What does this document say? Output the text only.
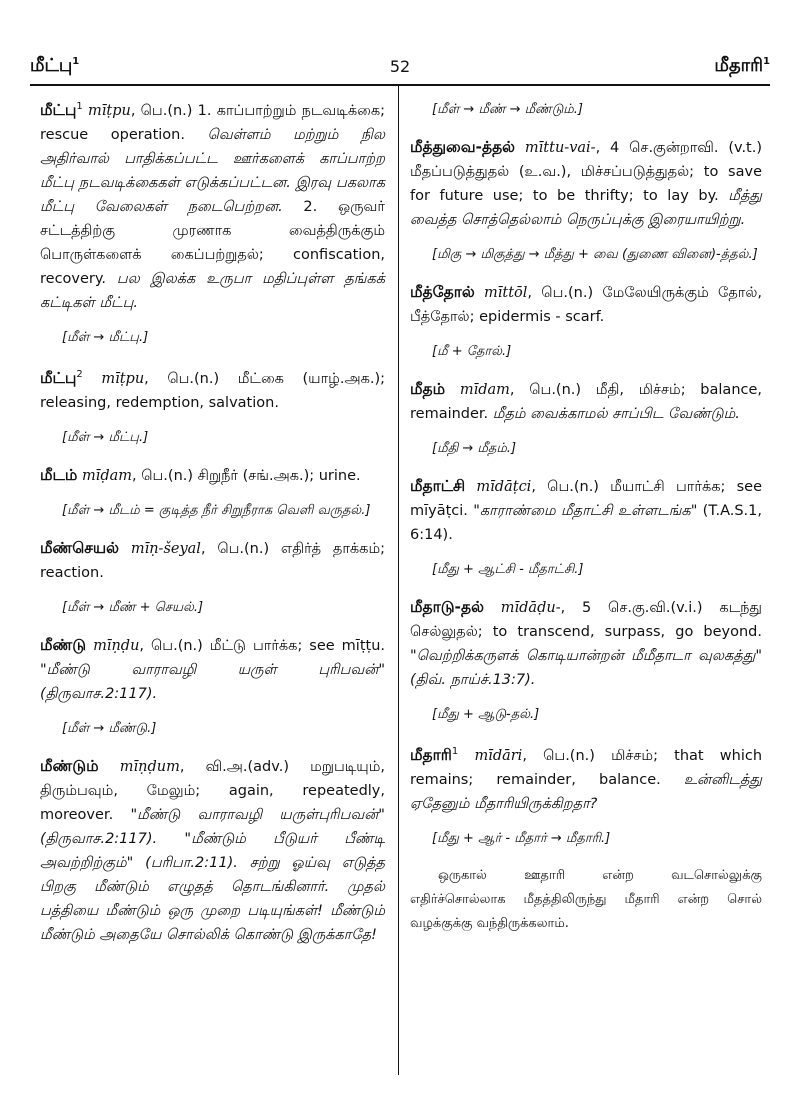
மீட்பு$^1$	52	மீதாரி$^1$
மீட்பு$^1$ mīṭpu, பெ.(n.) 1. காப்பாற்றும் நடவடிக்கை; rescue operation. வெள்ளம் மற்றும் நில அதிர்வால் பாதிக்கப்பட்ட ஊர்களைக் காப்பாற்ற மீட்பு நடவடிக்கைகள் எடுக்கப்பட்டன. இரவு பகலாக மீட்பு வேலைகள் நடைபெற்றன. 2. ஒருவர் சட்டத்திற்கு முரணாக வைத்திருக்கும் பொருள்களைக் கைப்பற்றுதல்; confiscation, recovery. பல இலக்க உருபா மதிப்புள்ள தங்கக் கட்டிகள் மீட்பு.
[மீள் → மீட்பு.]
மீட்பு$^2$ mīṭpu, பெ.(n.) மீட்கை (யாழ்.அக.); releasing, redemption, salvation.
[மீள் → மீட்பு.]
மீடம் mīḍam, பெ.(n.) சிறுநீர் (சங்.அக.); urine.
[மீள் → மீடம் = குடித்த நீர் சிறுநீராக வெளி வருதல்.]
மீண்செயல் mīṇ-šeyal, பெ.(n.) எதிர்த் தாக்கம்; reaction.
[மீள் → மீண் + செயல்.]
மீண்டு mīṇḍu, பெ.(n.) மீட்டு பார்க்க; see mīṭṭu. "மீண்டு வாராவழி யருள் புரிபவன்" (திருவாச.2:117).
[மீள் → மீண்டு.]
மீண்டும் mīṇḍum, வி.அ.(adv.) மறுபடியும், திரும்பவும், மேலும்; again, repeatedly, moreover. "மீண்டு வாராவழி யருள்புரிபவன்" (திருவாச.2:117). "மீண்டும் பீடுயர் பீண்டி அவற்றிற்கும்" (பரிபா.2:11). சற்று ஓய்வு எடுத்த பிறகு மீண்டும் எழுதத் தொடங்கினார். முதல் பத்தியை மீண்டும் ஒரு முறை படியுங்கள்! மீண்டும் மீண்டும் அதையே சொல்லிக் கொண்டு இருக்காதே!
[மீள் → மீண் → மீண்டும்.]
மீத்துவை-த்தல் mīttu-vai-, 4 செ.குன்றாவி. (v.t.) மீதப்படுத்துதல் (உ.வ.), மிச்சப்படுத்துதல்; to save for future use; to be thrifty; to lay by. மீத்து வைத்த சொத்தெல்லாம் நெருப்புக்கு இரையாயிற்று.
[மிகு → மிகுத்து → மீத்து + வை (துணை வினை)-த்தல்.]
மீத்தோல் mīttōl, பெ.(n.) மேலேயிருக்கும் தோல், பீத்தோல்; epidermis - scarf.
[மீ + தோல்.]
மீதம் mīdam, பெ.(n.) மீதி, மிச்சம்; balance, remainder. மீதம் வைக்காமல் சாப்பிட வேண்டும்.
[மீதி → மீதம்.]
மீதாட்சி mīdāṭci, பெ.(n.) மீயாட்சி பார்க்க; see mīyāṭci. "காராண்மை மீதாட்சி உள்ளடங்க" (T.A.S.1, 6:14).
[மீது + ஆட்சி - மீதாட்சி.]
மீதாடு-தல் mīdāḍu-, 5 செ.கு.வி.(v.i.) கடந்து செல்லுதல்; to transcend, surpass, go beyond. "வெற்றிக்கருளக் கொடியான்றன் மீமீதாடா வுலகத்து" (திவ். நாய்ச்.13:7).
[மீது + ஆடு-தல்.]
மீதாரி$^1$ mīdāri, பெ.(n.) மிச்சம்; that which remains; remainder, balance. உன்னிடத்து ஏதேனும் மீதாரியிருக்கிறதா?
[மீது + ஆர் - மீதார் → மீதாரி.]
ஒருகால் ஊதாரி என்ற வடசொல்லுக்கு எதிர்ச்சொல்லாக மீதத்திலிருந்து மீதாரி என்ற சொல் வழக்குக்கு வந்திருக்கலாம்.
